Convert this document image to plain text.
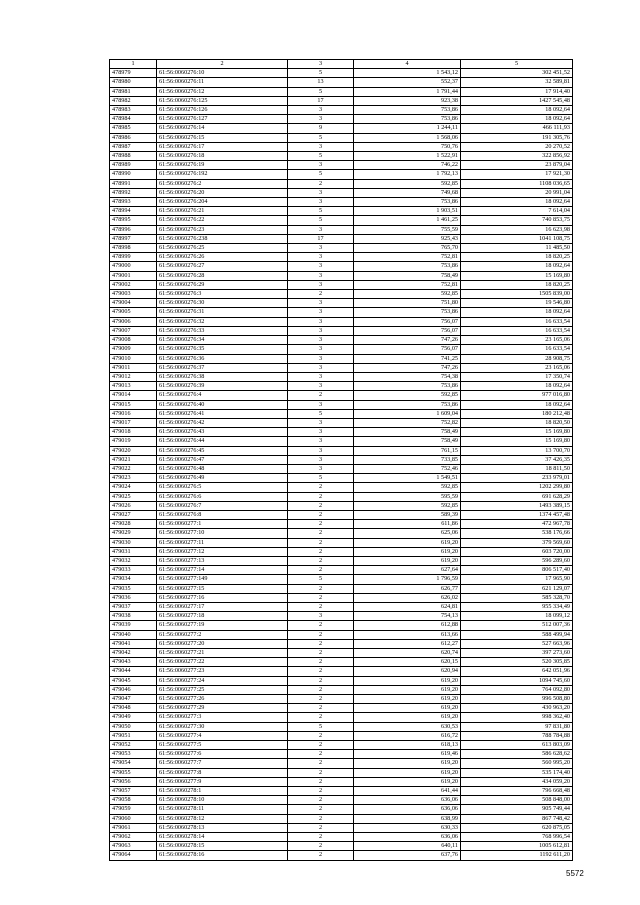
1	2	3	4	5
478979	61:56:0060276:10	5	1 543,12	302 451,52
478980	61:56:0060276:11	13	552,37	32 589,81
478981	61:56:0060276:12	5	1 791,44	17 914,40
478982	61:56:0060276:125	17	923,38	1427 545,48
478983	61:56:0060276:126	3	753,86	18 092,64
478984	61:56:0060276:127	3	753,86	18 092,64
478985	61:56:0060276:14	9	1 244,11	466 111,93
478986	61:56:0060276:15	5	1 568,06	191 305,76
478987	61:56:0060276:17	3	750,76	20 270,52
478988	61:56:0060276:18	5	1 522,91	322 856,92
478989	61:56:0060276:19	3	746,22	23 879,04
478990	61:56:0060276:192	5	1 792,13	17 921,30
478991	61:56:0060276:2	2	592,85	1108 036,65
478992	61:56:0060276:20	3	749,68	20 991,04
478993	61:56:0060276:204	3	753,86	18 092,64
478994	61:56:0060276:21	5	1 903,51	7 614,04
478995	61:56:0060276:22	5	1 461,25	740 853,75
478996	61:56:0060276:23	3	755,59	16 623,98
478997	61:56:0060276:238	17	925,43	1041 108,75
478998	61:56:0060276:25	3	765,70	11 485,50
478999	61:56:0060276:26	3	752,81	18 820,25
479000	61:56:0060276:27	3	753,86	18 092,64
479001	61:56:0060276:28	3	758,49	15 169,80
479002	61:56:0060276:29	3	752,81	18 820,25
479003	61:56:0060276:3	2	592,85	1505 839,00
479004	61:56:0060276:30	3	751,80	19 546,80
479005	61:56:0060276:31	3	753,86	18 092,64
479006	61:56:0060276:32	3	756,07	16 633,54
479007	61:56:0060276:33	3	756,07	16 633,54
479008	61:56:0060276:34	3	747,26	23 165,06
479009	61:56:0060276:35	3	756,07	16 633,54
479010	61:56:0060276:36	3	741,25	28 908,75
479011	61:56:0060276:37	3	747,26	23 165,06
479012	61:56:0060276:38	3	754,38	17 350,74
479013	61:56:0060276:39	3	753,86	18 092,64
479014	61:56:0060276:4	2	592,85	977 016,80
479015	61:56:0060276:40	3	753,86	18 092,64
479016	61:56:0060276:41	5	1 609,04	180 212,48
479017	61:56:0060276:42	3	752,82	18 820,50
479018	61:56:0060276:43	3	758,49	15 169,80
479019	61:56:0060276:44	3	758,49	15 169,80
479020	61:56:0060276:45	3	761,15	13 700,70
479021	61:56:0060276:47	3	733,85	37 426,35
479022	61:56:0060276:48	3	752,46	18 811,50
479023	61:56:0060276:49	5	1 549,51	233 979,01
479024	61:56:0060276:5	2	592,85	1202 299,80
479025	61:56:0060276:6	2	595,59	691 628,29
479026	61:56:0060276:7	2	592,85	1493 389,15
479027	61:56:0060276:8	2	589,39	1374 457,48
479028	61:56:0060277:1	2	611,86	472 967,78
479029	61:56:0060277:10	2	625,06	538 176,66
479030	61:56:0060277:11	2	619,20	379 569,60
479031	61:56:0060277:12	2	619,20	603 720,00
479032	61:56:0060277:13	2	619,20	596 289,60
479033	61:56:0060277:14	2	627,64	806 517,40
479034	61:56:0060277:149	5	1 796,59	17 965,90
479035	61:56:0060277:15	2	626,77	621 129,07
479036	61:56:0060277:16	2	626,02	585 328,70
479037	61:56:0060277:17	2	624,81	955 334,49
479038	61:56:0060277:18	3	754,13	18 099,12
479039	61:56:0060277:19	2	612,88	512 007,36
479040	61:56:0060277:2	2	613,66	588 499,94
479041	61:56:0060277:20	2	612,27	527 663,96
479042	61:56:0060277:21	2	620,74	397 273,60
479043	61:56:0060277:22	2	620,15	520 305,85
479044	61:56:0060277:23	2	620,94	642 051,96
479045	61:56:0060277:24	2	619,20	1094 745,60
479046	61:56:0060277:25	2	619,20	764 092,80
479047	61:56:0060277:26	2	619,20	996 508,80
479048	61:56:0060277:29	2	619,20	430 963,20
479049	61:56:0060277:3	2	619,20	998 362,40
479050	61:56:0060277:30	5	630,53	97 831,80
479051	61:56:0060277:4	2	616,72	788 784,88
479052	61:56:0060277:5	2	618,13	613 803,09
479053	61:56:0060277:6	2	619,46	586 628,62
479054	61:56:0060277:7	2	619,20	560 995,20
479055	61:56:0060277:8	2	619,20	535 174,40
479056	61:56:0060277:9	2	619,20	434 059,20
479057	61:56:0060278:1	2	641,44	796 668,48
479058	61:56:0060278:10	2	636,06	508 848,00
479059	61:56:0060278:11	2	636,06	905 749,44
479060	61:56:0060278:12	2	638,99	867 748,42
479061	61:56:0060278:13	2	630,33	620 875,05
479062	61:56:0060278:14	2	636,06	768 996,54
479063	61:56:0060278:15	2	640,11	1005 612,81
479064	61:56:0060278:16	2	637,76	1192 611,20
5572
